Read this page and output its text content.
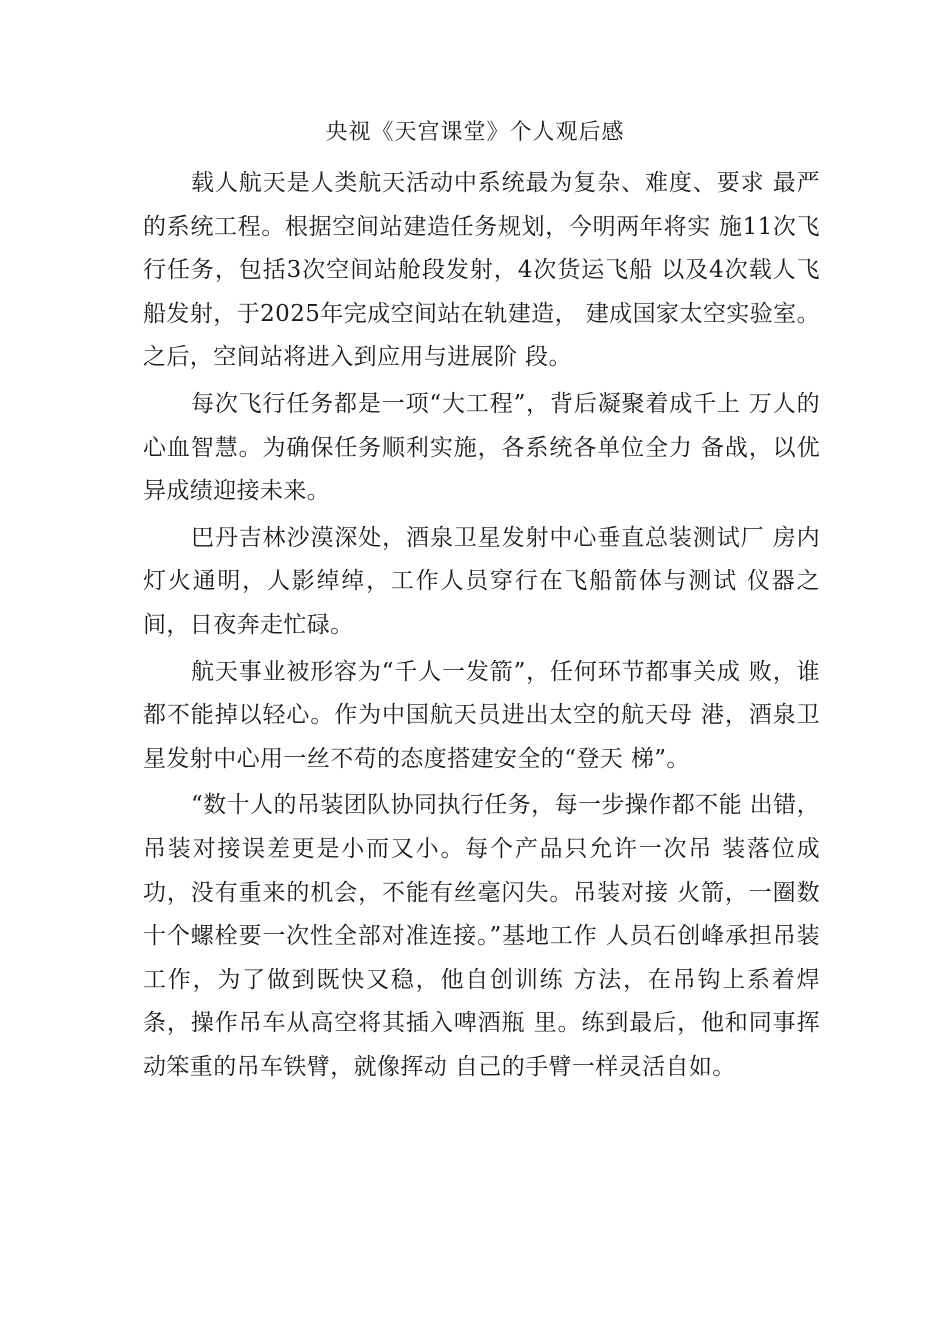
央视《天宫课堂》个人观后感

载人航天是人类航天活动中系统最为复杂、难度、要求 最严的系统工程。根据空间站建造任务规划，今明两年将实 施11次飞行任务，包括3次空间站舱段发射，4次货运飞船 以及4次载人飞船发射，于2025年完成空间站在轨建造， 建成国家太空实验室。之后，空间站将进入到应用与进展阶 段。

每次飞行任务都是一项“大工程”，背后凝聚着成千上 万人的心血智慧。为确保任务顺利实施，各系统各单位全力 备战，以优异成绩迎接未来。

巴丹吉林沙漠深处，酒泉卫星发射中心垂直总装测试厂 房内灯火通明，人影绰绰，工作人员穿行在飞船箭体与测试 仪器之间，日夜奔走忙碌。

航天事业被形容为“千人一发箭”，任何环节都事关成 败，谁都不能掉以轻心。作为中国航天员进出太空的航天母 港，酒泉卫星发射中心用一丝不苟的态度搭建安全的“登天 梯”。

“数十人的吊装团队协同执行任务，每一步操作都不能 出错，吊装对接误差更是小而又小。每个产品只允许一次吊 装落位成功，没有重来的机会，不能有丝毫闪失。吊装对接 火箭，一圈数十个螺栓要一次性全部对准连接。”基地工作 人员石创峰承担吊装工作，为了做到既快又稳，他自创训练 方法，在吊钩上系着焊条，操作吊车从高空将其插入啤酒瓶 里。练到最后，他和同事挥动笨重的吊车铁臂，就像挥动 自己的手臂一样灵活自如。
